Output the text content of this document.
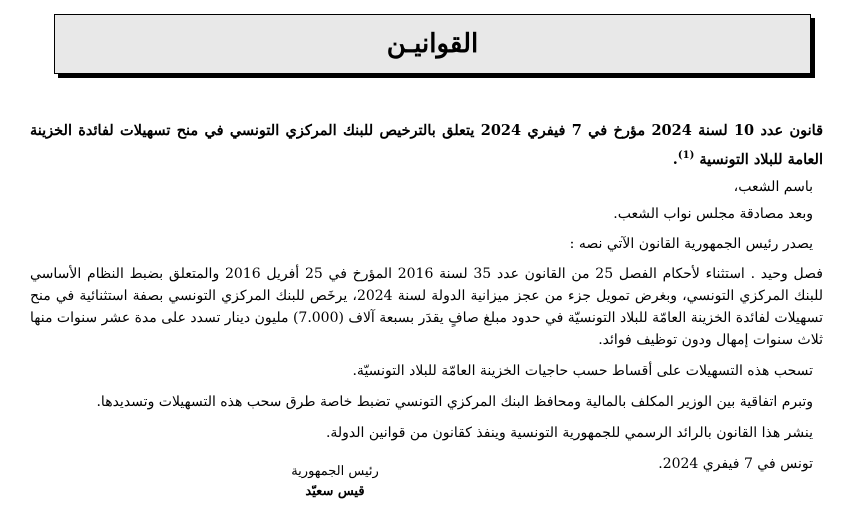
القوانيـن

قانون عدد 10 لسنة 2024 مؤرخ في 7 فيفري 2024 يتعلق بالترخيص للبنك المركزي التونسي في منح تسهيلات لفائدة الخزينة العامة للبلاد التونسية $^{(1)}$.

باسم الشعب،

وبعد مصادقة مجلس نواب الشعب.

يصدر رئيس الجمهورية القانون الآتي نصه :

فصل وحيد . استثناء لأحكام الفصل 25 من القانون عدد 35 لسنة 2016 المؤرخ في 25 أفريل 2016 والمتعلق بضبط النظام الأساسي للبنك المركزي التونسي، وبغرض تمويل جزء من عجز ميزانية الدولة لسنة 2024، يرخَص للبنك المركزي التونسي بصفة استثنائية في منح تسهيلات لفائدة الخزينة العامّة للبلاد التونسيّة في حدود مبلغ صافٍ يقدَر بسبعة آلاف (7.000) مليون دينار تسدد على مدة عشر سنوات منها ثلاث سنوات إمهال ودون توظيف فوائد.

تسحب هذه التسهيلات على أقساط حسب حاجيات الخزينة العامّة للبلاد التونسيّة.

وتبرم اتفاقية بين الوزير المكلف بالمالية ومحافظ البنك المركزي التونسي تضبط خاصة طرق سحب هذه التسهيلات وتسديدها.

ينشر هذا القانون بالرائد الرسمي للجمهورية التونسية وينفذ كقانون من قوانين الدولة.

تونس في 7 فيفري 2024.

رئيس الجمهورية
قيس سعيّد
